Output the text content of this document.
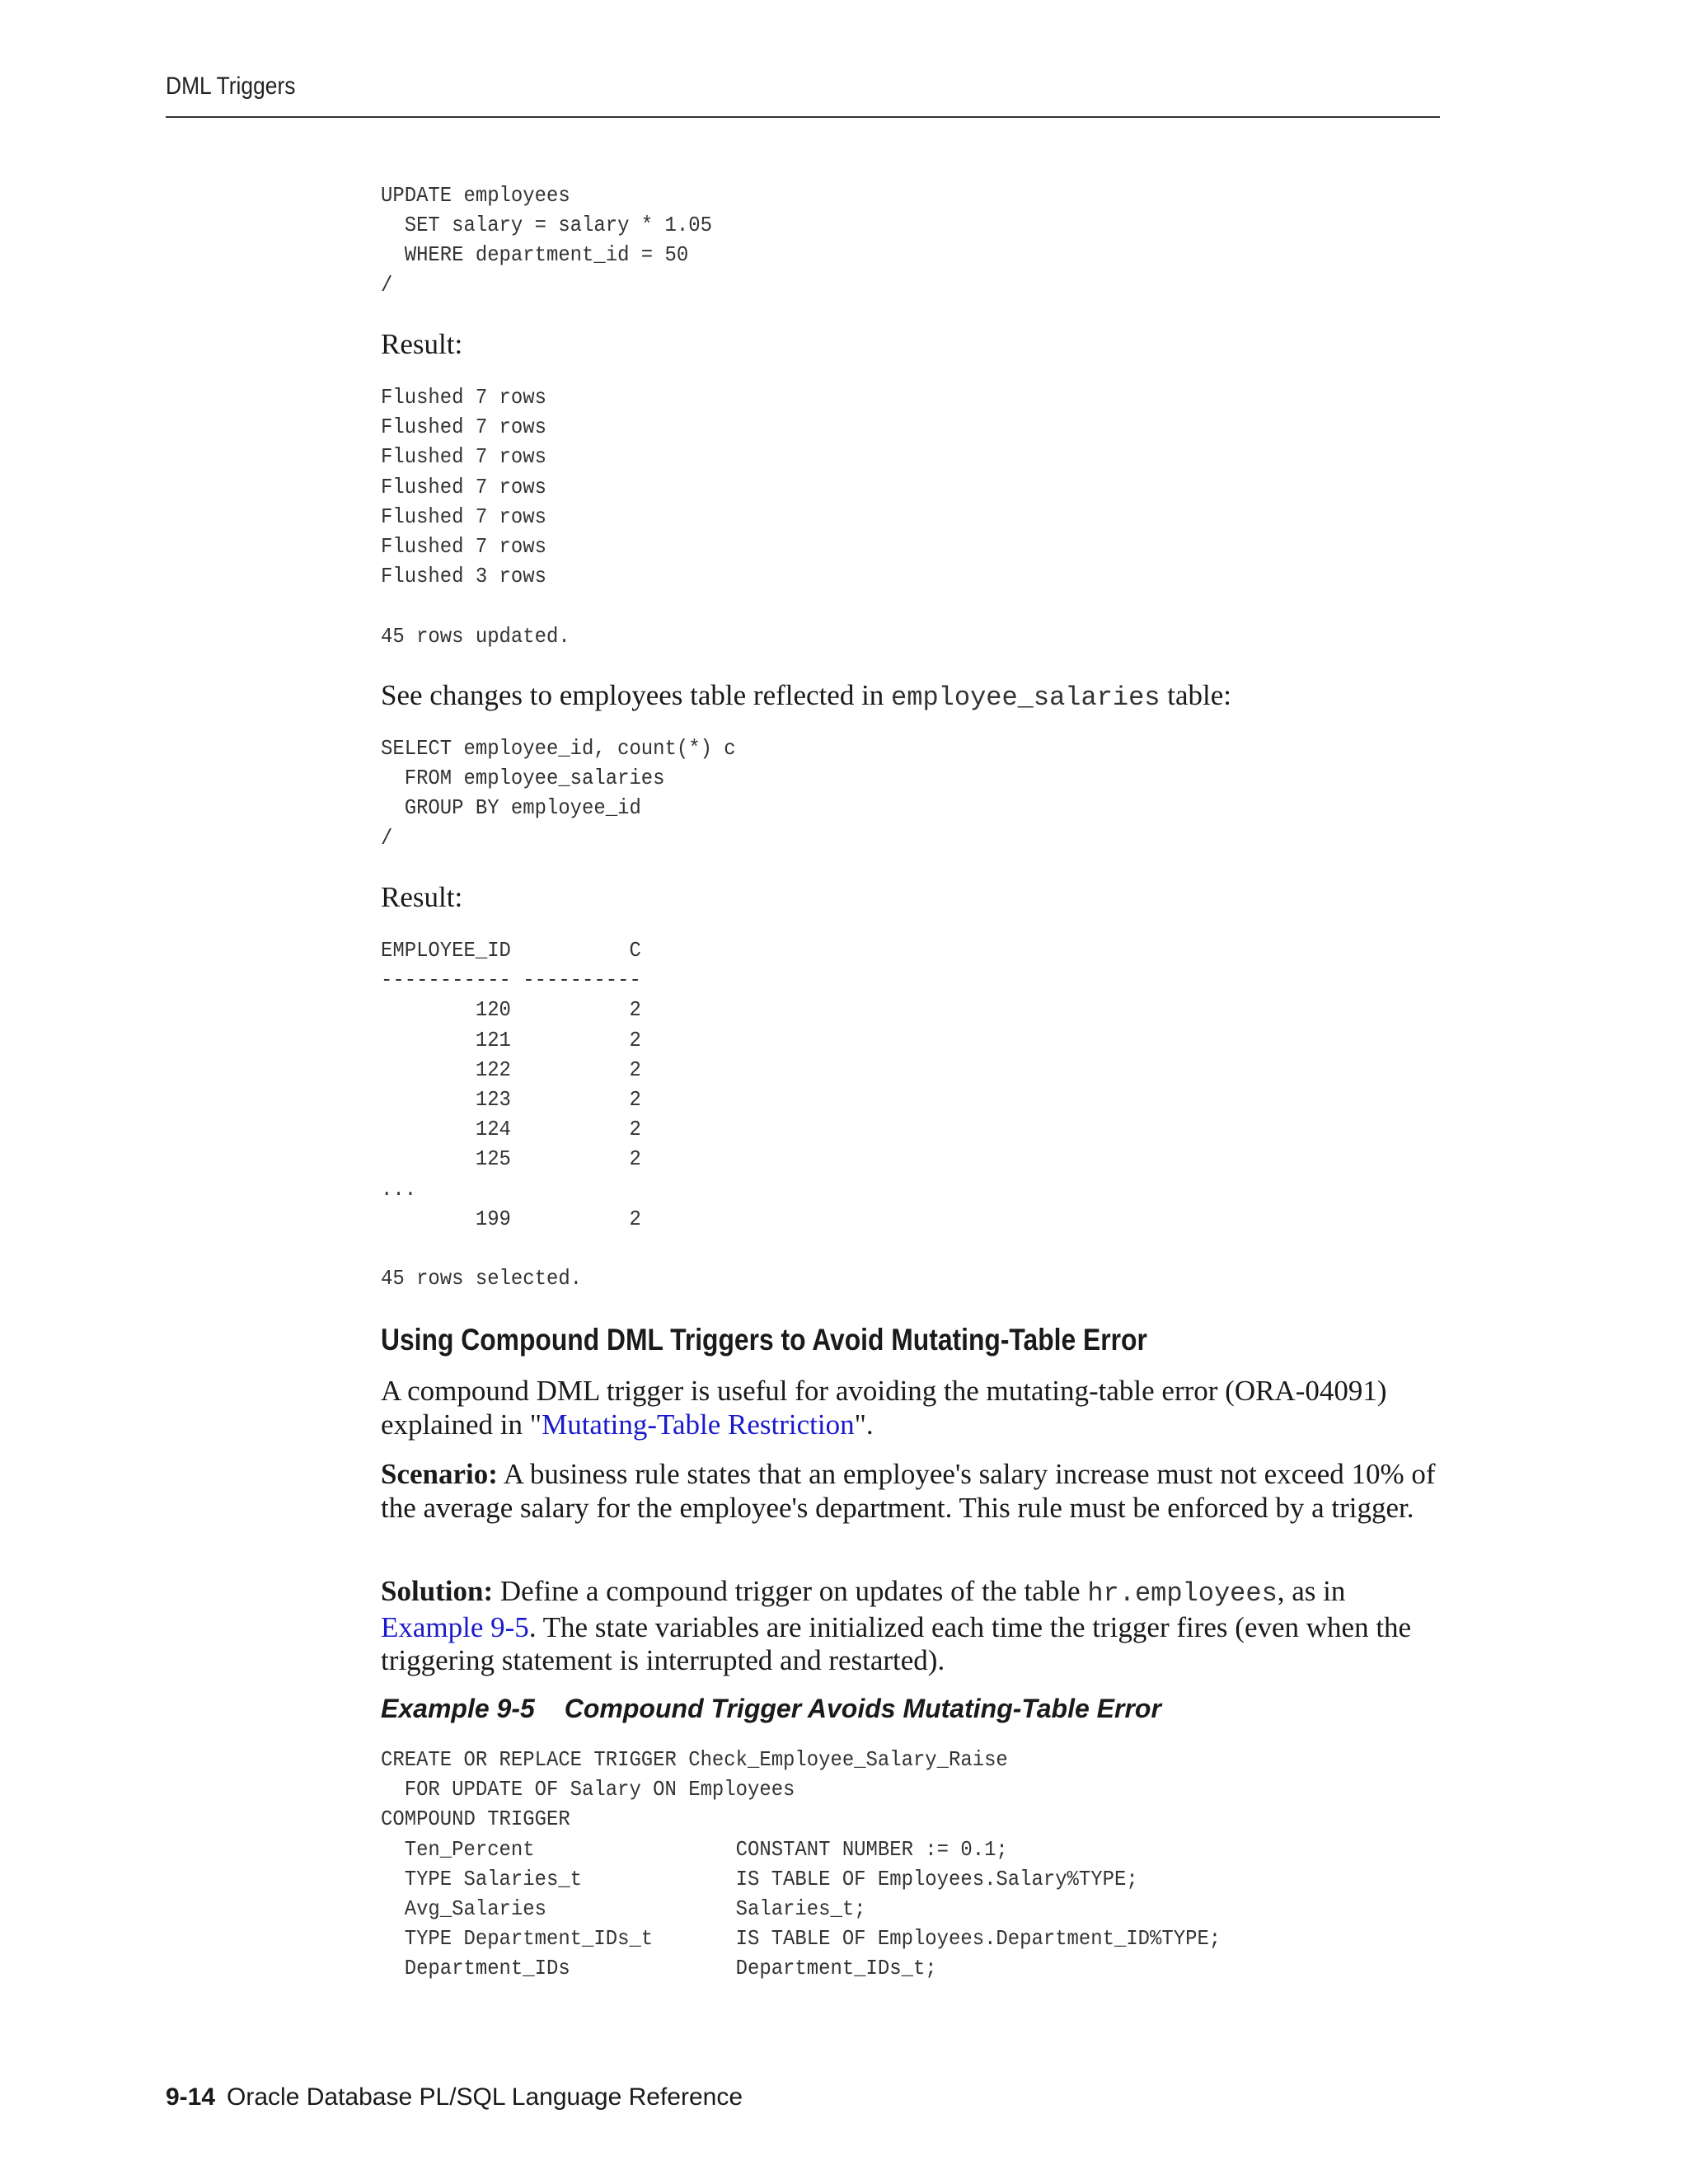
DML Triggers
UPDATE employees
SET salary = salary * 1.05
WHERE department_id = 50
/
Result:
Flushed 7 rows
Flushed 7 rows
Flushed 7 rows
Flushed 7 rows
Flushed 7 rows
Flushed 7 rows
Flushed 3 rows

45 rows updated.
See changes to employees table reflected in employee_salaries table:
SELECT employee_id, count(*) c
FROM employee_salaries
GROUP BY employee_id
/
Result:
EMPLOYEE_ID          C
----------- ----------
120          2
121          2
122          2
123          2
124          2
125          2
...
199          2

45 rows selected.
Using Compound DML Triggers to Avoid Mutating-Table Error
A compound DML trigger is useful for avoiding the mutating-table error (ORA-04091) explained in "Mutating-Table Restriction".
Scenario: A business rule states that an employee's salary increase must not exceed 10% of the average salary for the employee's department. This rule must be enforced by a trigger.
Solution: Define a compound trigger on updates of the table hr.employees, as in Example 9-5. The state variables are initialized each time the trigger fires (even when the triggering statement is interrupted and restarted).
Example 9-5 Compound Trigger Avoids Mutating-Table Error
CREATE OR REPLACE TRIGGER Check_Employee_Salary_Raise
FOR UPDATE OF Salary ON Employees
COMPOUND TRIGGER
Ten_Percent                 CONSTANT NUMBER := 0.1;
TYPE Salaries_t             IS TABLE OF Employees.Salary%TYPE;
Avg_Salaries                Salaries_t;
TYPE Department_IDs_t       IS TABLE OF Employees.Department_ID%TYPE;
Department_IDs              Department_IDs_t;
9-14 Oracle Database PL/SQL Language Reference
